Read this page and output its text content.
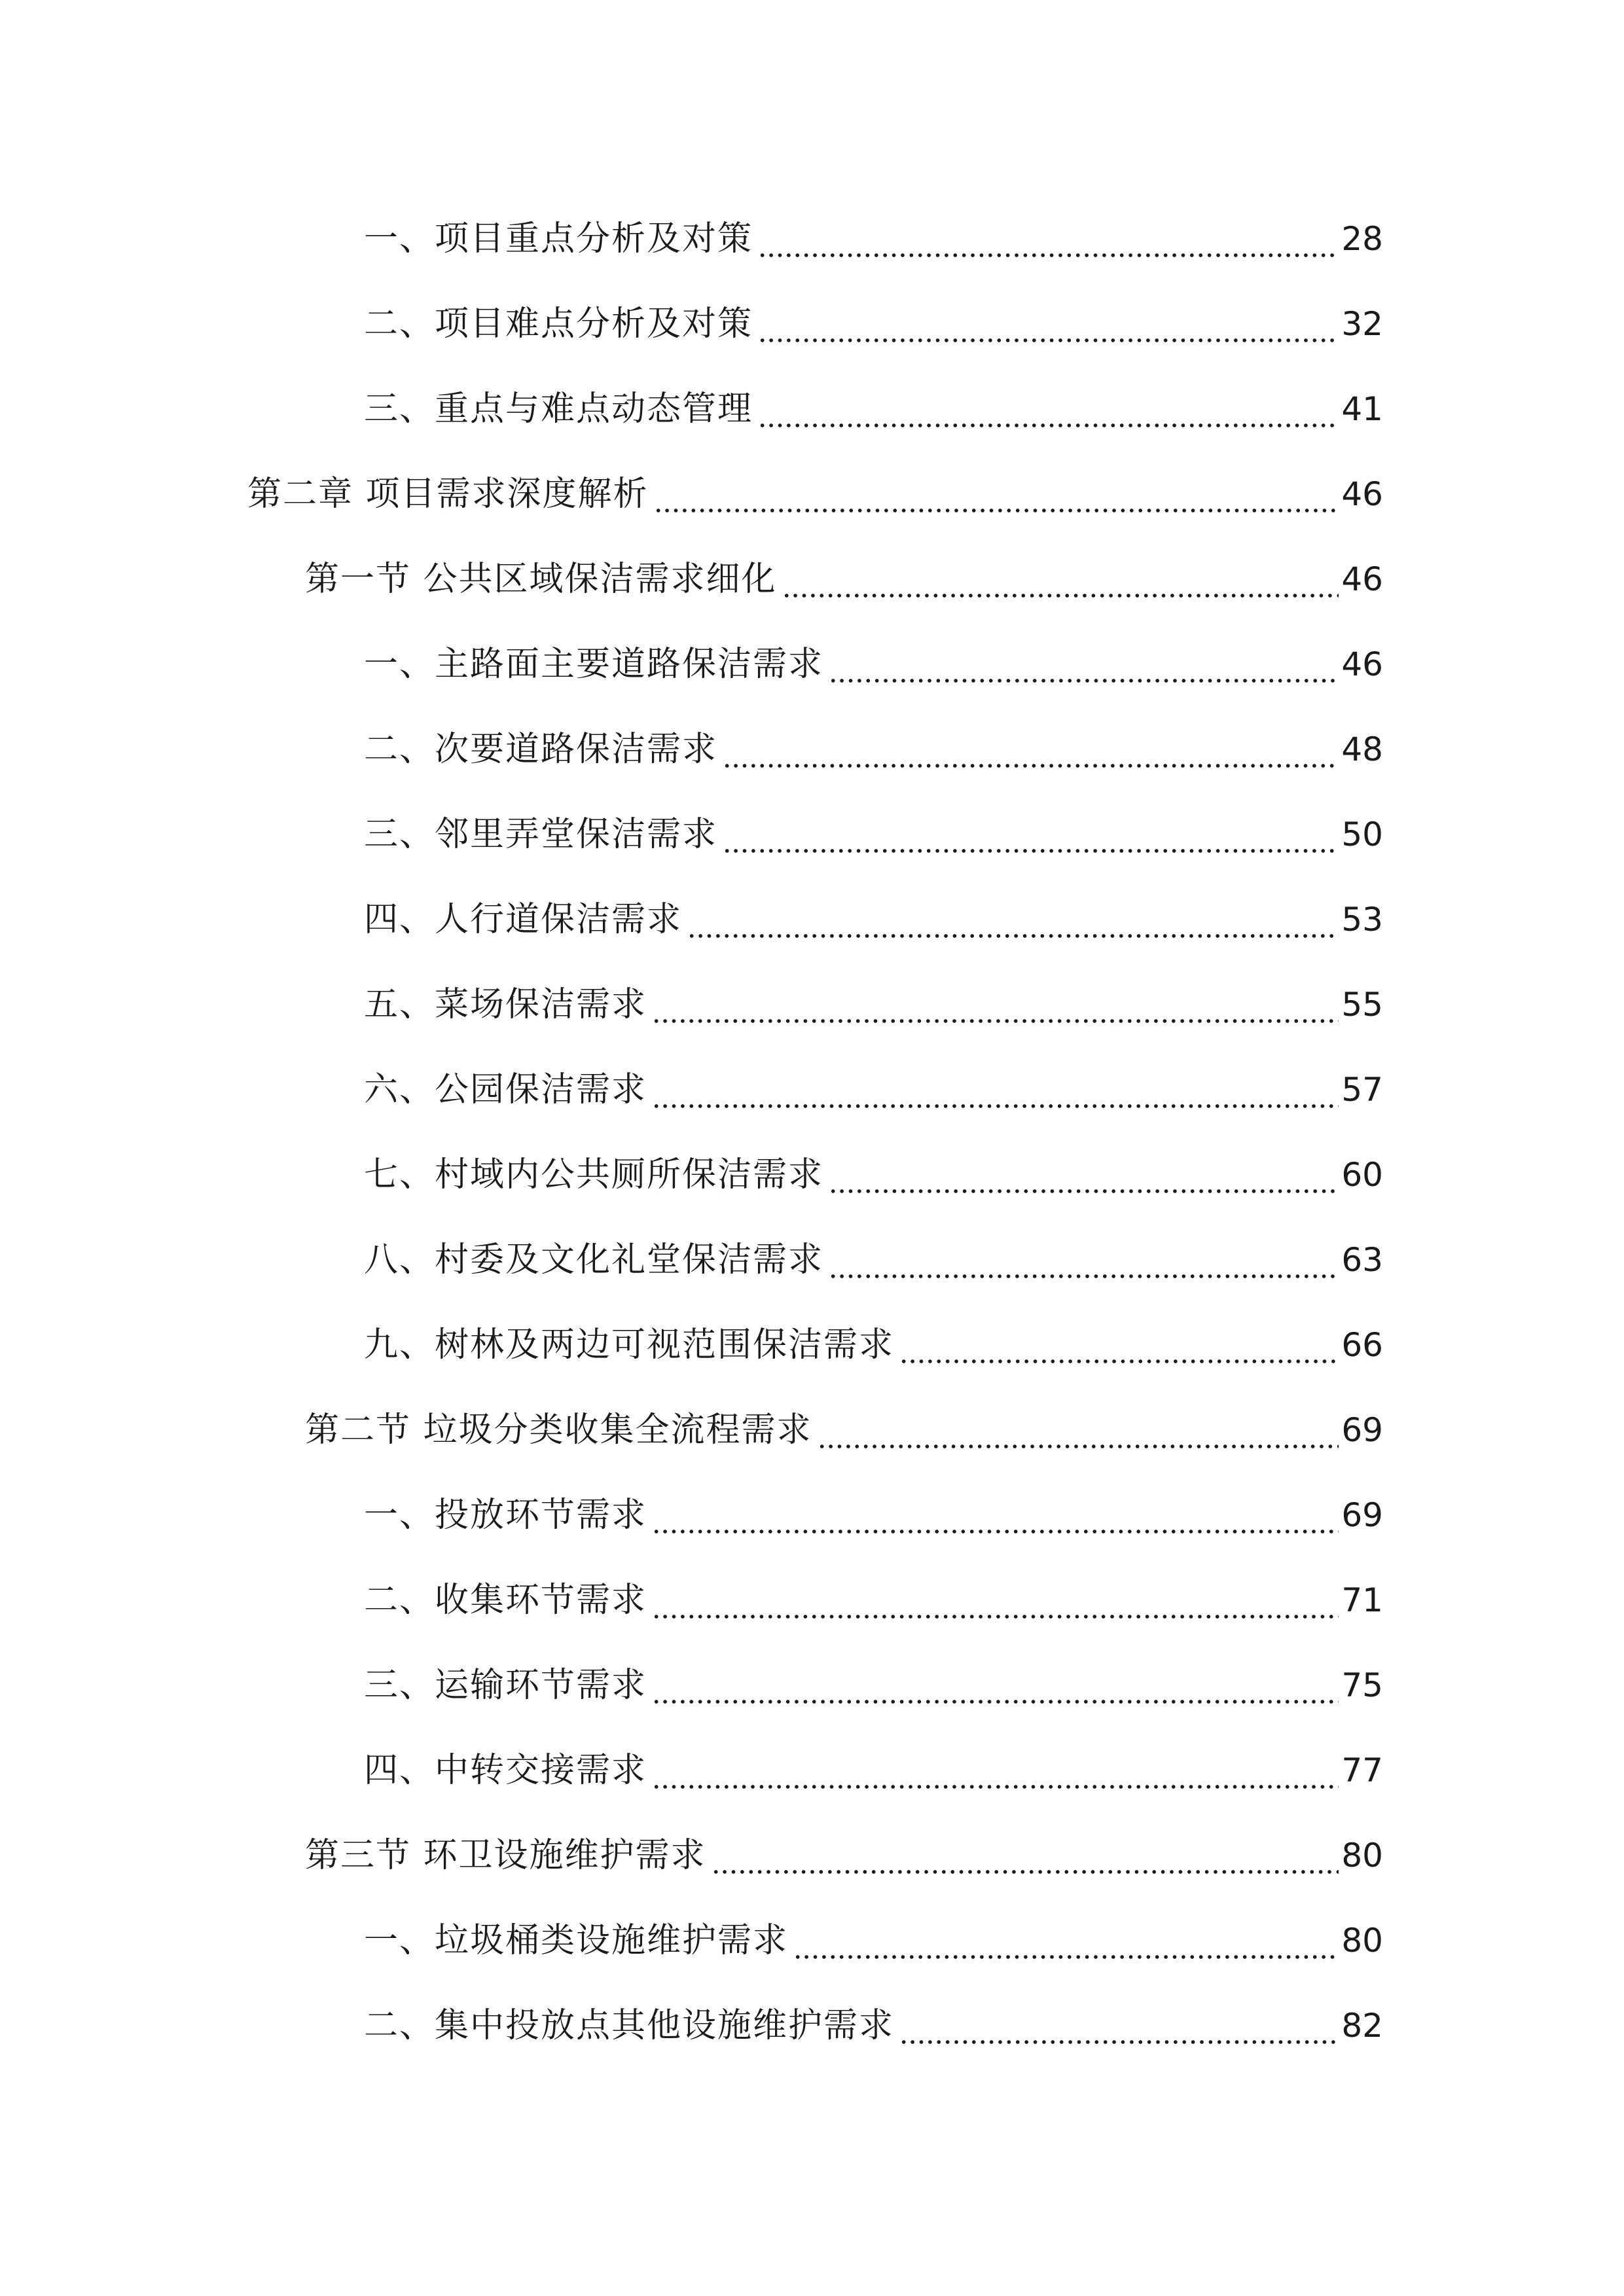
一、项目重点分析及对策	28
二、项目难点分析及对策	32
三、重点与难点动态管理	41
第二章 项目需求深度解析	46
第一节 公共区域保洁需求细化	46
一、主路面主要道路保洁需求	46
二、次要道路保洁需求	48
三、邻里弄堂保洁需求	50
四、人行道保洁需求	53
五、菜场保洁需求	55
六、公园保洁需求	57
七、村域内公共厕所保洁需求	60
八、村委及文化礼堂保洁需求	63
九、树林及两边可视范围保洁需求	66
第二节 垃圾分类收集全流程需求	69
一、投放环节需求	69
二、收集环节需求	71
三、运输环节需求	75
四、中转交接需求	77
第三节 环卫设施维护需求	80
一、垃圾桶类设施维护需求	80
二、集中投放点其他设施维护需求	82
